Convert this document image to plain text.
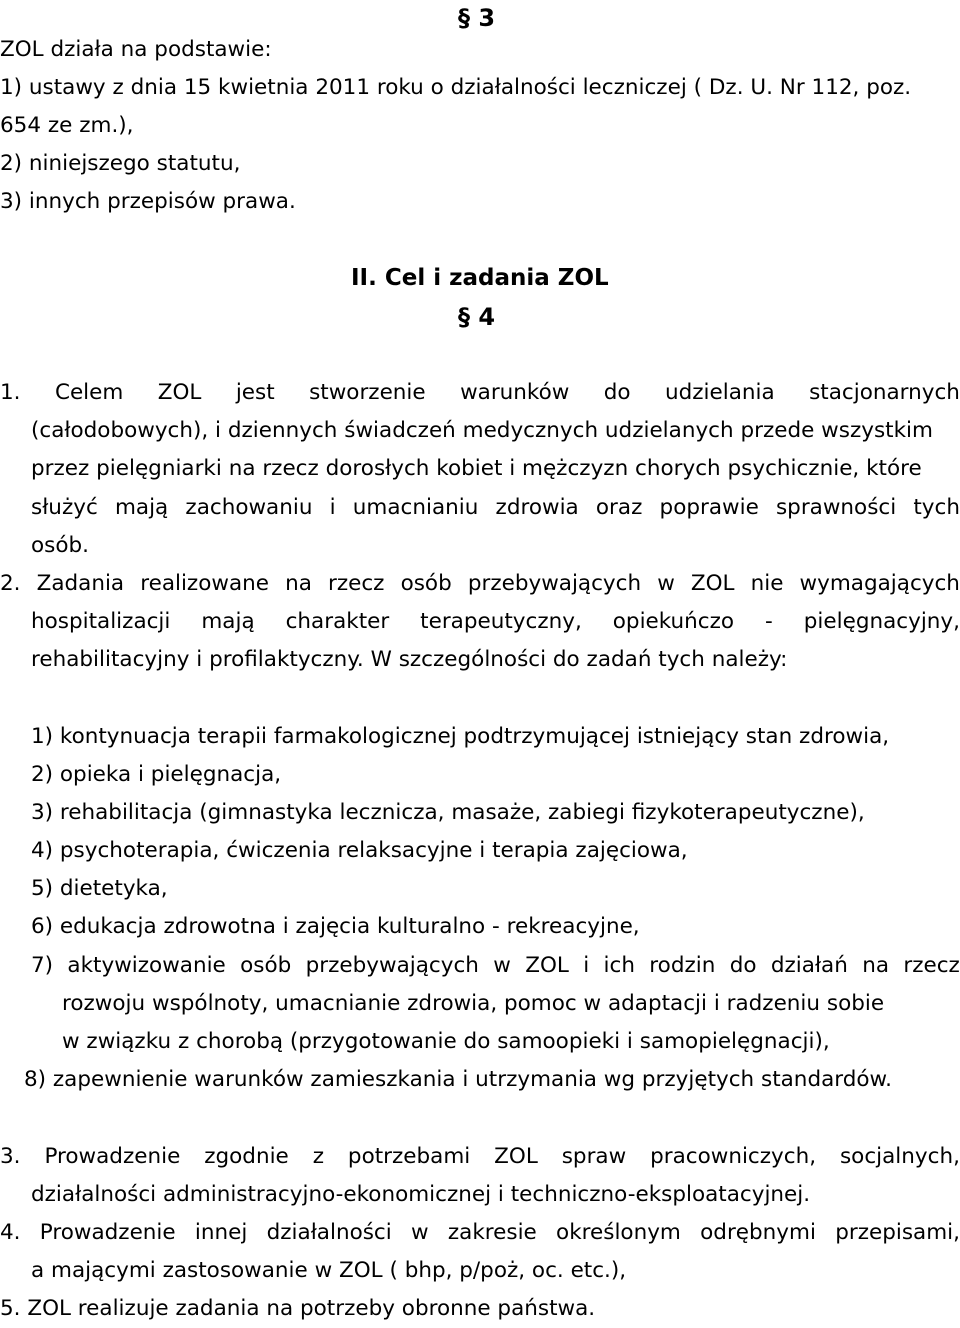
§ 3
ZOL działa na podstawie:
1) ustawy z dnia 15 kwietnia 2011 roku o działalności leczniczej ( Dz. U. Nr 112, poz.
654 ze zm.),
2) niniejszego statutu,
3) innych przepisów prawa.
II. Cel i zadania ZOL
§ 4
1. Celem ZOL jest stworzenie warunków do udzielania stacjonarnych
(całodobowych), i dziennych świadczeń medycznych udzielanych przede wszystkim
przez pielęgniarki na rzecz dorosłych kobiet i mężczyzn chorych psychicznie, które
służyć mają zachowaniu i umacnianiu zdrowia oraz poprawie sprawności tych
osób.
2. Zadania realizowane na rzecz osób przebywających w ZOL nie wymagających
hospitalizacji mają charakter terapeutyczny, opiekuńczo - pielęgnacyjny,
rehabilitacyjny i profilaktyczny. W szczególności do zadań tych należy:
1) kontynuacja terapii farmakologicznej podtrzymującej istniejący stan zdrowia,
2) opieka i pielęgnacja,
3) rehabilitacja (gimnastyka lecznicza, masaże, zabiegi fizykoterapeutyczne),
4) psychoterapia, ćwiczenia relaksacyjne i terapia zajęciowa,
5) dietetyka,
6) edukacja zdrowotna i zajęcia kulturalno - rekreacyjne,
7) aktywizowanie osób przebywających w ZOL i ich rodzin do działań na rzecz
rozwoju wspólnoty, umacnianie zdrowia, pomoc w adaptacji i radzeniu sobie
w związku z chorobą (przygotowanie do samoopieki i samopielęgnacji),
8) zapewnienie warunków zamieszkania i utrzymania wg przyjętych standardów.
3. Prowadzenie zgodnie z potrzebami ZOL spraw pracowniczych, socjalnych,
działalności administracyjno-ekonomicznej i techniczno-eksploatacyjnej.
4. Prowadzenie innej działalności w zakresie określonym odrębnymi przepisami,
a mającymi zastosowanie w ZOL ( bhp, p/poż, oc. etc.),
5. ZOL realizuje zadania na potrzeby obronne państwa.
